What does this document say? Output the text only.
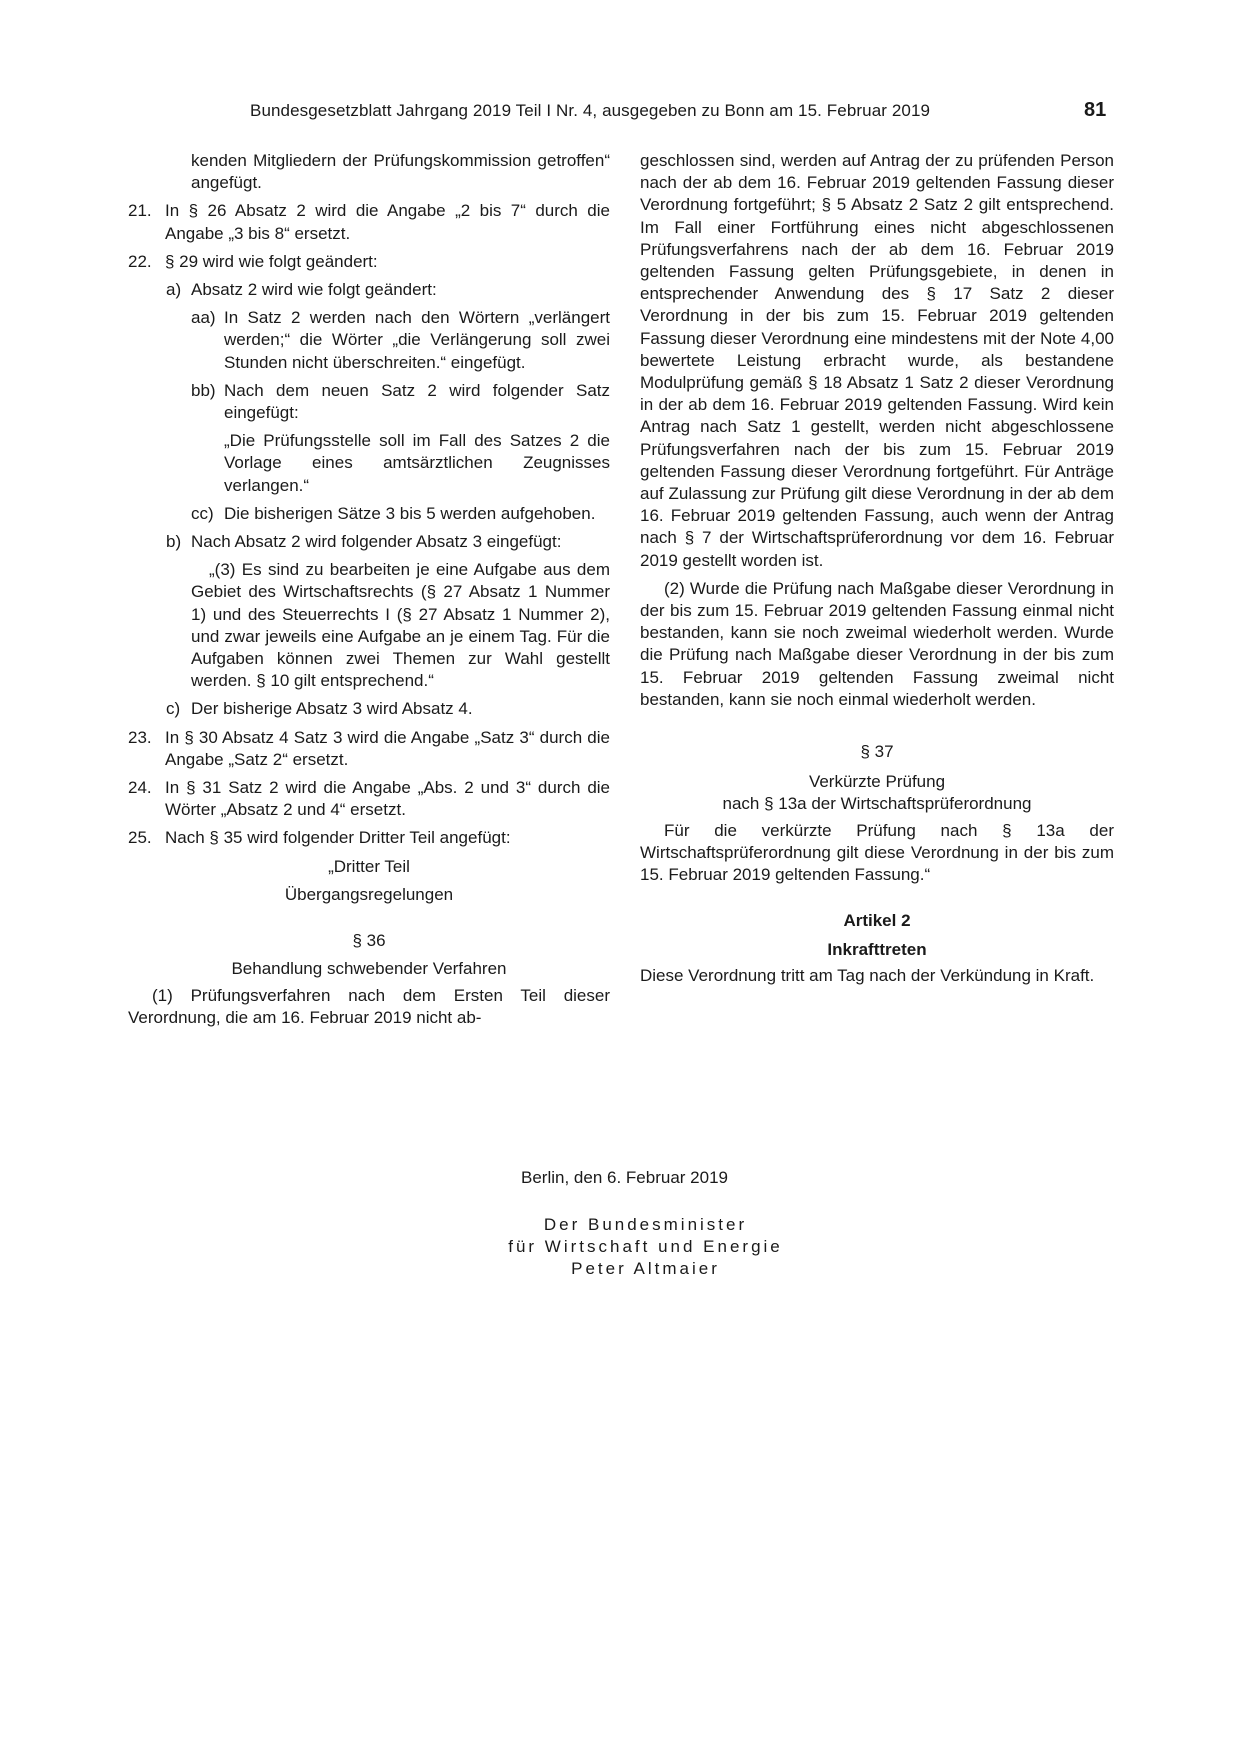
Bundesgesetzblatt Jahrgang 2019 Teil I Nr. 4, ausgegeben zu Bonn am 15. Februar 2019	81
kenden Mitgliedern der Prüfungskommission getroffen“ angefügt.
21. In § 26 Absatz 2 wird die Angabe „2 bis 7“ durch die Angabe „3 bis 8“ ersetzt.
22. § 29 wird wie folgt geändert:
a) Absatz 2 wird wie folgt geändert:
aa) In Satz 2 werden nach den Wörtern „verlängert werden;“ die Wörter „die Verlängerung soll zwei Stunden nicht überschreiten.“ eingefügt.
bb) Nach dem neuen Satz 2 wird folgender Satz eingefügt:
„Die Prüfungsstelle soll im Fall des Satzes 2 die Vorlage eines amtsärztlichen Zeugnisses verlangen.“
cc) Die bisherigen Sätze 3 bis 5 werden aufgehoben.
b) Nach Absatz 2 wird folgender Absatz 3 eingefügt:
„(3) Es sind zu bearbeiten je eine Aufgabe aus dem Gebiet des Wirtschaftsrechts (§ 27 Absatz 1 Nummer 1) und des Steuerrechts I (§ 27 Absatz 1 Nummer 2), und zwar jeweils eine Aufgabe an je einem Tag. Für die Aufgaben können zwei Themen zur Wahl gestellt werden. § 10 gilt entsprechend.“
c) Der bisherige Absatz 3 wird Absatz 4.
23. In § 30 Absatz 4 Satz 3 wird die Angabe „Satz 3“ durch die Angabe „Satz 2“ ersetzt.
24. In § 31 Satz 2 wird die Angabe „Abs. 2 und 3“ durch die Wörter „Absatz 2 und 4“ ersetzt.
25. Nach § 35 wird folgender Dritter Teil angefügt:
„Dritter Teil
Übergangsregelungen
§ 36
Behandlung schwebender Verfahren
(1) Prüfungsverfahren nach dem Ersten Teil dieser Verordnung, die am 16. Februar 2019 nicht ab-
geschlossen sind, werden auf Antrag der zu prüfenden Person nach der ab dem 16. Februar 2019 geltenden Fassung dieser Verordnung fortgeführt; § 5 Absatz 2 Satz 2 gilt entsprechend. Im Fall einer Fortführung eines nicht abgeschlossenen Prüfungsverfahrens nach der ab dem 16. Februar 2019 geltenden Fassung gelten Prüfungsgebiete, in denen in entsprechender Anwendung des § 17 Satz 2 dieser Verordnung in der bis zum 15. Februar 2019 geltenden Fassung dieser Verordnung eine mindestens mit der Note 4,00 bewertete Leistung erbracht wurde, als bestandene Modulprüfung gemäß § 18 Absatz 1 Satz 2 dieser Verordnung in der ab dem 16. Februar 2019 geltenden Fassung. Wird kein Antrag nach Satz 1 gestellt, werden nicht abgeschlossene Prüfungsverfahren nach der bis zum 15. Februar 2019 geltenden Fassung dieser Verordnung fortgeführt. Für Anträge auf Zulassung zur Prüfung gilt diese Verordnung in der ab dem 16. Februar 2019 geltenden Fassung, auch wenn der Antrag nach § 7 der Wirtschaftsprüferordnung vor dem 16. Februar 2019 gestellt worden ist.
(2) Wurde die Prüfung nach Maßgabe dieser Verordnung in der bis zum 15. Februar 2019 geltenden Fassung einmal nicht bestanden, kann sie noch zweimal wiederholt werden. Wurde die Prüfung nach Maßgabe dieser Verordnung in der bis zum 15. Februar 2019 geltenden Fassung zweimal nicht bestanden, kann sie noch einmal wiederholt werden.
§ 37
Verkürzte Prüfung
nach § 13a der Wirtschaftsprüferordnung
Für die verkürzte Prüfung nach § 13a der Wirtschaftsprüferordnung gilt diese Verordnung in der bis zum 15. Februar 2019 geltenden Fassung.“
Artikel 2
Inkrafttreten
Diese Verordnung tritt am Tag nach der Verkündung in Kraft.
Berlin, den 6. Februar 2019
Der Bundesminister
für Wirtschaft und Energie
Peter Altmaier
